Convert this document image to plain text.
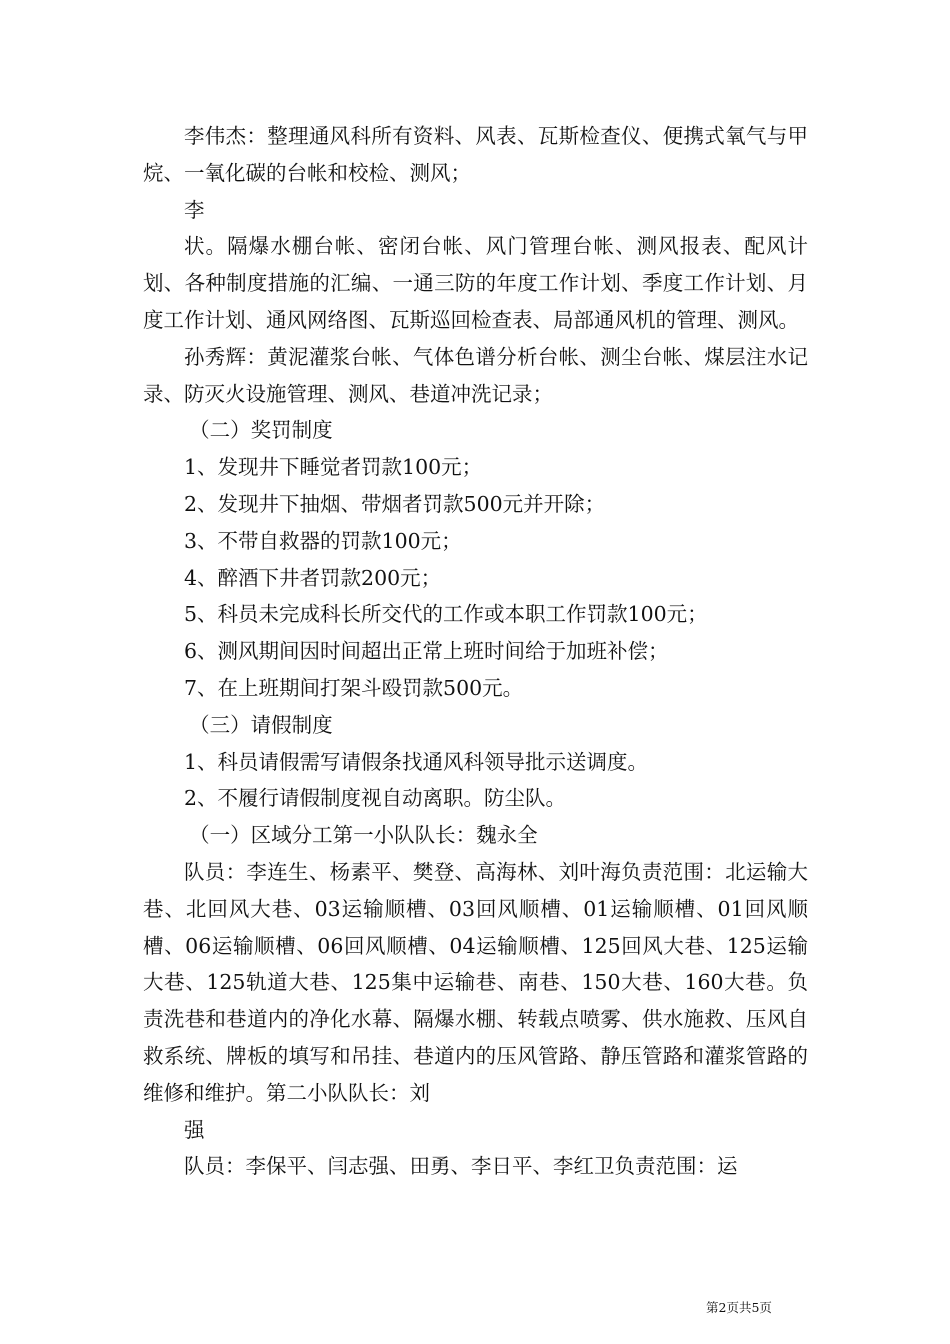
李伟杰：整理通风科所有资料、风表、瓦斯检查仪、便携式氧气与甲烷、一氧化碳的台帐和校检、测风；

李

状。隔爆水棚台帐、密闭台帐、风门管理台帐、测风报表、配风计划、各种制度措施的汇编、一通三防的年度工作计划、季度工作计划、月度工作计划、通风网络图、瓦斯巡回检查表、局部通风机的管理、测风。

孙秀辉：黄泥灌浆台帐、气体色谱分析台帐、测尘台帐、煤层注水记录、防灭火设施管理、测风、巷道冲洗记录；

（二）奖罚制度

1、发现井下睡觉者罚款100元；

2、发现井下抽烟、带烟者罚款500元并开除；

3、不带自救器的罚款100元；

4、醉酒下井者罚款200元；

5、科员未完成科长所交代的工作或本职工作罚款100元；

6、测风期间因时间超出正常上班时间给于加班补偿；

7、在上班期间打架斗殴罚款500元。

（三）请假制度

1、科员请假需写请假条找通风科领导批示送调度。

2、不履行请假制度视自动离职。防尘队。

（一）区域分工第一小队队长：魏永全

队员：李连生、杨素平、樊登、高海林、刘叶海负责范围：北运输大巷、北回风大巷、03运输顺槽、03回风顺槽、01运输顺槽、01回风顺槽、06运输顺槽、06回风顺槽、04运输顺槽、125回风大巷、125运输大巷、125轨道大巷、125集中运输巷、南巷、150大巷、160大巷。负责洗巷和巷道内的净化水幕、隔爆水棚、转载点喷雾、供水施救、压风自救系统、牌板的填写和吊挂、巷道内的压风管路、静压管路和灌浆管路的维修和维护。第二小队队长：刘

强

队员：李保平、闫志强、田勇、李日平、李红卫负责范围：运

第2页共5页
